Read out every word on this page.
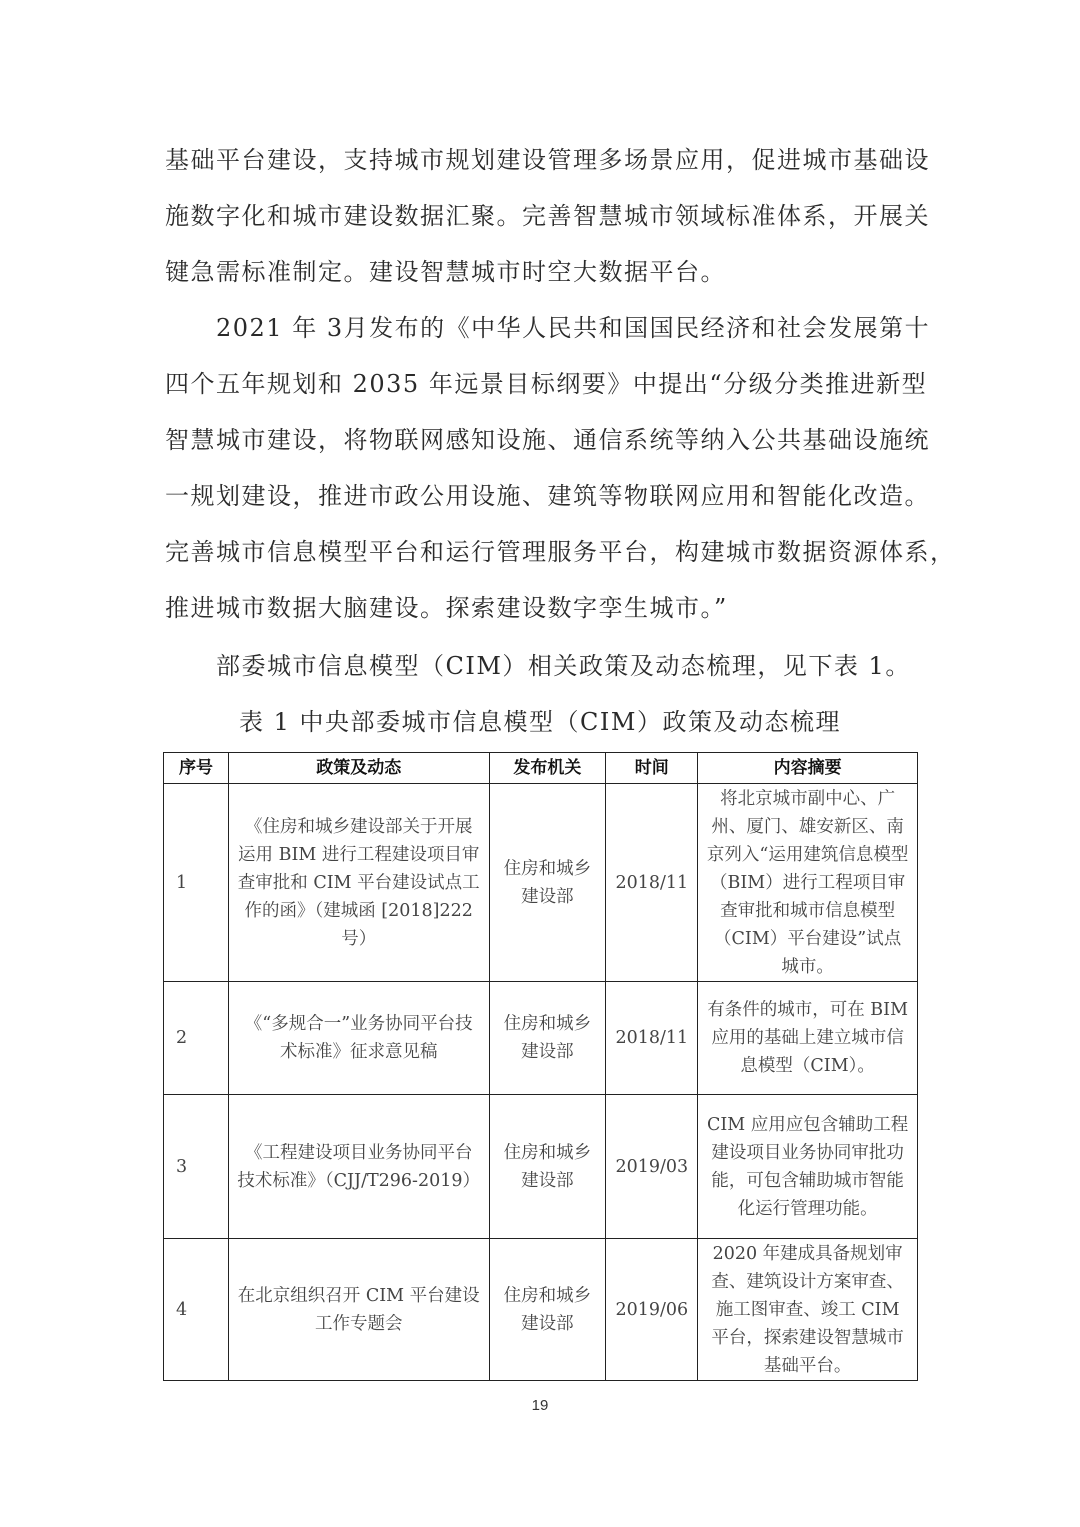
基础平台建设，支持城市规划建设管理多场景应用，促进城市基础设
施数字化和城市建设数据汇聚。完善智慧城市领域标准体系，开展关
键急需标准制定。建设智慧城市时空大数据平台。
　　2021 年 3月发布的《中华人民共和国国民经济和社会发展第十
四个五年规划和 2035 年远景目标纲要》中提出“分级分类推进新型
智慧城市建设，将物联网感知设施、通信系统等纳入公共基础设施统
一规划建设，推进市政公用设施、建筑等物联网应用和智能化改造。
完善城市信息模型平台和运行管理服务平台，构建城市数据资源体系，
推进城市数据大脑建设。探索建设数字孪生城市。”
　　部委城市信息模型（CIM）相关政策及动态梳理，见下表 1。
表 1 中央部委城市信息模型（CIM）政策及动态梳理
序号	政策及动态	发布机关	时间	内容摘要
1	《住房和城乡建设部关于开展运用 BIM 进行工程建设项目审查审批和 CIM 平台建设试点工作的函》（建城函 [2018]222 号）	住房和城乡建设部	2018/11	将北京城市副中心、广州、厦门、雄安新区、南京列入“运用建筑信息模型（BIM）进行工程项目审查审批和城市信息模型（CIM）平台建设”试点城市。
2	《“多规合一”业务协同平台技术标准》征求意见稿	住房和城乡建设部	2018/11	有条件的城市，可在 BIM 应用的基础上建立城市信息模型（CIM）。
3	《工程建设项目业务协同平台技术标准》（CJJ/T296-2019）	住房和城乡建设部	2019/03	CIM 应用应包含辅助工程建设项目业务协同审批功能，可包含辅助城市智能化运行管理功能。
4	在北京组织召开 CIM 平台建设工作专题会	住房和城乡建设部	2019/06	2020 年建成具备规划审查、建筑设计方案审查、施工图审查、竣工 CIM 平台，探索建设智慧城市基础平台。
19
